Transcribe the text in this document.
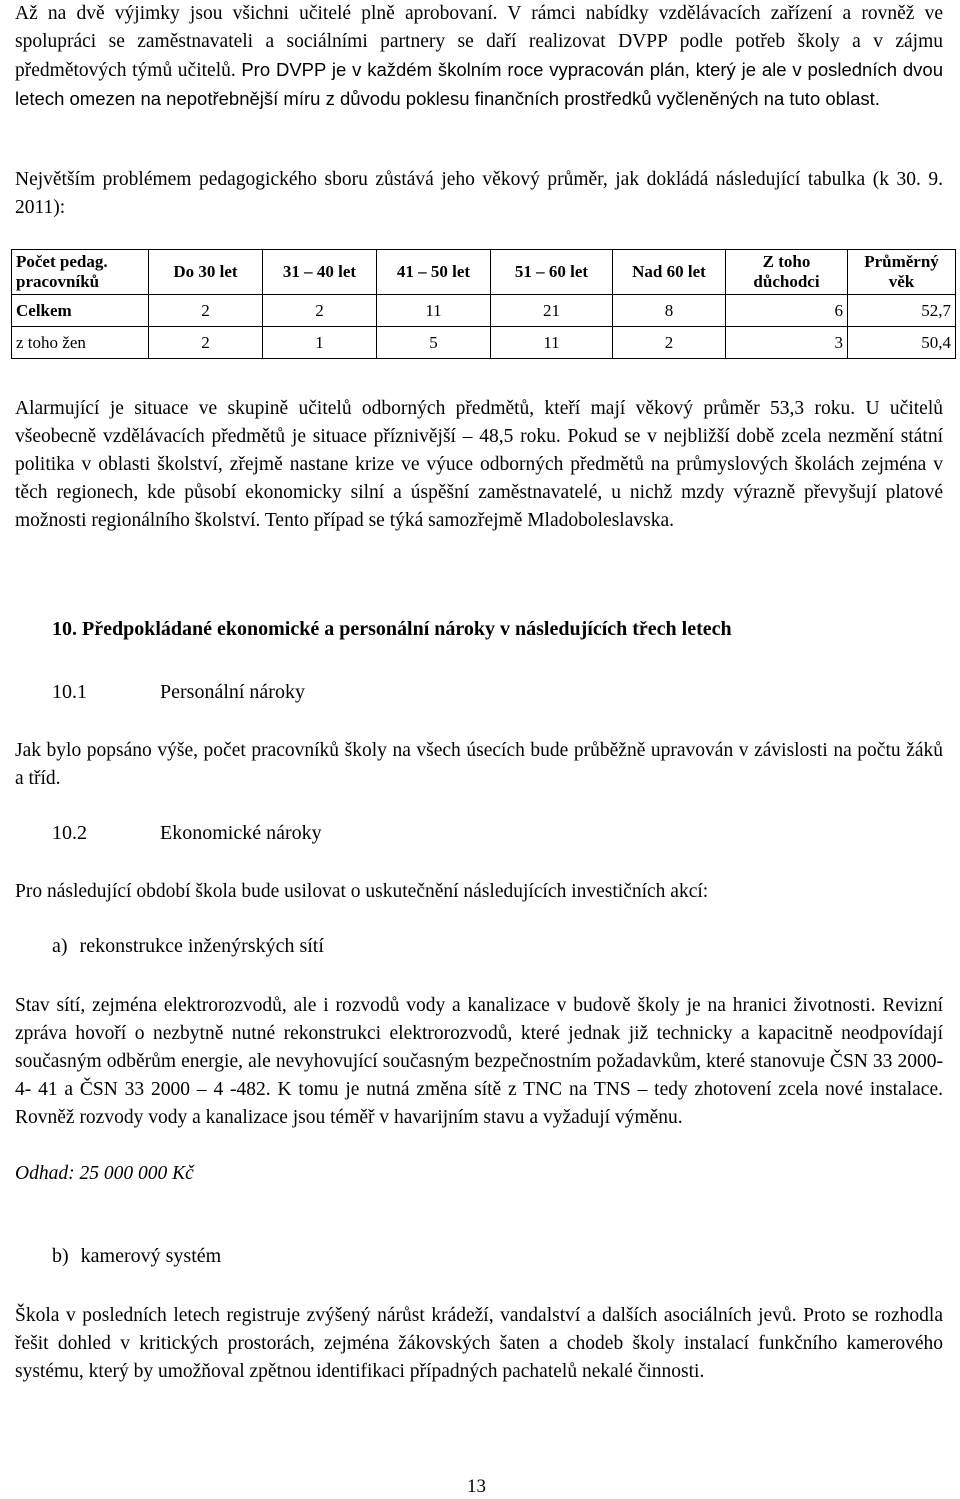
Až na dvě výjimky jsou všichni učitelé plně aprobovaní. V rámci nabídky vzdělávacích zařízení a rovněž ve spolupráci se zaměstnavateli a sociálními partnery se daří realizovat DVPP podle potřeb školy a v zájmu předmětových týmů učitelů. Pro DVPP je v každém školním roce vypracován plán, který je ale v posledních dvou letech omezen na nepotřebnější míru z důvodu poklesu finančních prostředků vyčleněných na tuto oblast.

Největším problémem pedagogického sboru zůstává jeho věkový průměr, jak dokládá následující tabulka (k 30. 9. 2011):

Počet pedag. pracovníků	Do 30 let	31 – 40 let	41 – 50 let	51 – 60 let	Nad 60 let	Z toho důchodci	Průměrný věk
Celkem	2	2	11	21	8	6	52,7
z toho žen	2	1	5	11	2	3	50,4

Alarmující je situace ve skupině učitelů odborných předmětů, kteří mají věkový průměr 53,3 roku. U učitelů všeobecně vzdělávacích předmětů je situace příznivější – 48,5 roku. Pokud se v nejbližší době zcela nezmění státní politika v oblasti školství, zřejmě nastane krize ve výuce odborných předmětů na průmyslových školách zejména v těch regionech, kde působí ekonomicky silní a úspěšní zaměstnavatelé, u nichž mzdy výrazně převyšují platové možnosti regionálního školství. Tento případ se týká samozřejmě Mladoboleslavska.

10. Předpokládané ekonomické a personální nároky v následujících třech letech

10.1	Personální nároky

Jak bylo popsáno výše, počet pracovníků školy na všech úsecích bude průběžně upravován v závislosti na počtu žáků a tříd.

10.2	Ekonomické nároky

Pro následující období škola bude usilovat o uskutečnění následujících investičních akcí:

a) rekonstrukce inženýrských sítí

Stav sítí, zejména elektrorozvodů, ale i rozvodů vody a kanalizace v budově školy je na hranici životnosti. Revizní zpráva hovoří o nezbytně nutné rekonstrukci elektrorozvodů, které jednak již technicky a kapacitně neodpovídají současným odběrům energie, ale nevyhovující současným bezpečnostním požadavkům, které stanovuje ČSN 33 2000- 4- 41 a ČSN 33 2000 – 4 -482. K tomu je nutná změna sítě z TNC na TNS – tedy zhotovení zcela nové instalace. Rovněž rozvody vody a kanalizace jsou téměř v havarijním stavu a vyžadují výměnu.

Odhad: 25 000 000 Kč

b) kamerový systém

Škola v posledních letech registruje zvýšený nárůst krádeží, vandalství a dalších asociálních jevů. Proto se rozhodla řešit dohled v kritických prostorách, zejména žákovských šaten a chodeb školy instalací funkčního kamerového systému, který by umožňoval zpětnou identifikaci případných pachatelů nekalé činnosti.

13
